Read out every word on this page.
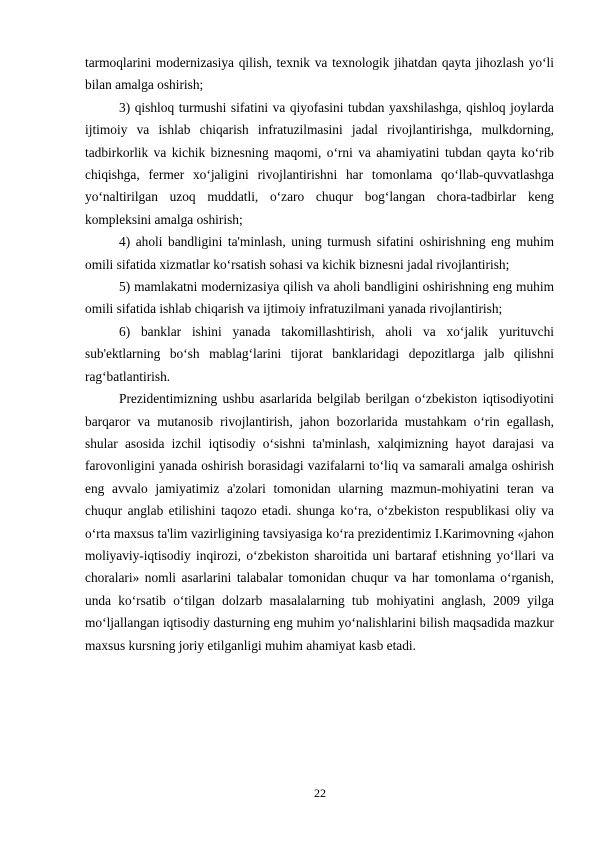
tarmoqlarini modernizasiya qilish, texnik va texnologik jihatdan qayta jihozlash yo‘li bilan amalga oshirish;

3) qishloq turmushi sifatini va qiyofasini tubdan yaxshilashga, qishloq joylarda ijtimoiy va ishlab chiqarish infratuzilmasini jadal rivojlantirishga, mulkdorning, tadbirkorlik va kichik biznesning maqomi, o‘rni va ahamiyatini tubdan qayta ko‘rib chiqishga, fermer xo‘jaligini rivojlantirishni har tomonlama qo‘llab-quvvatlashga yo‘naltirilgan uzoq muddatli, o‘zaro chuqur bog‘langan chora-tadbirlar keng kompleksini amalga oshirish;

4) aholi bandligini ta'minlash, uning turmush sifatini oshirishning eng muhim omili sifatida xizmatlar ko‘rsatish sohasi va kichik biznesni jadal rivojlantirish;

5) mamlakatni modernizasiya qilish va aholi bandligini oshirishning eng muhim omili sifatida ishlab chiqarish va ijtimoiy infratuzilmani yanada rivojlantirish;

6) banklar ishini yanada takomillashtirish, aholi va xo‘jalik yurituvchi sub'ektlarning bo‘sh mablag‘larini tijorat banklaridagi depozitlarga jalb qilishni rag‘batlantirish.

Prezidentimizning ushbu asarlarida belgilab berilgan o‘zbekiston iqtisodiyotini barqaror va mutanosib rivojlantirish, jahon bozorlarida mustahkam o‘rin egallash, shular asosida izchil iqtisodiy o‘sishni ta'minlash, xalqimizning hayot darajasi va farovonligini yanada oshirish borasidagi vazifalarni to‘liq va samarali amalga oshirish eng avvalo jamiyatimiz a'zolari tomonidan ularning mazmun-mohiyatini teran va chuqur anglab etilishini taqozo etadi. shunga ko‘ra, o‘zbekiston respublikasi oliy va o‘rta maxsus ta'lim vazirligining tavsiyasiga ko‘ra prezidentimiz I.Karimovning «jahon moliyaviy-iqtisodiy inqirozi, o‘zbekiston sharoitida uni bartaraf etishning yo‘llari va choralari» nomli asarlarini talabalar tomonidan chuqur va har tomonlama o‘rganish, unda ko‘rsatib o‘tilgan dolzarb masalalarning tub mohiyatini anglash, 2009 yilga mo‘ljallangan iqtisodiy dasturning eng muhim yo‘nalishlarini bilish maqsadida mazkur maxsus kursning joriy etilganligi muhim ahamiyat kasb etadi.

22
